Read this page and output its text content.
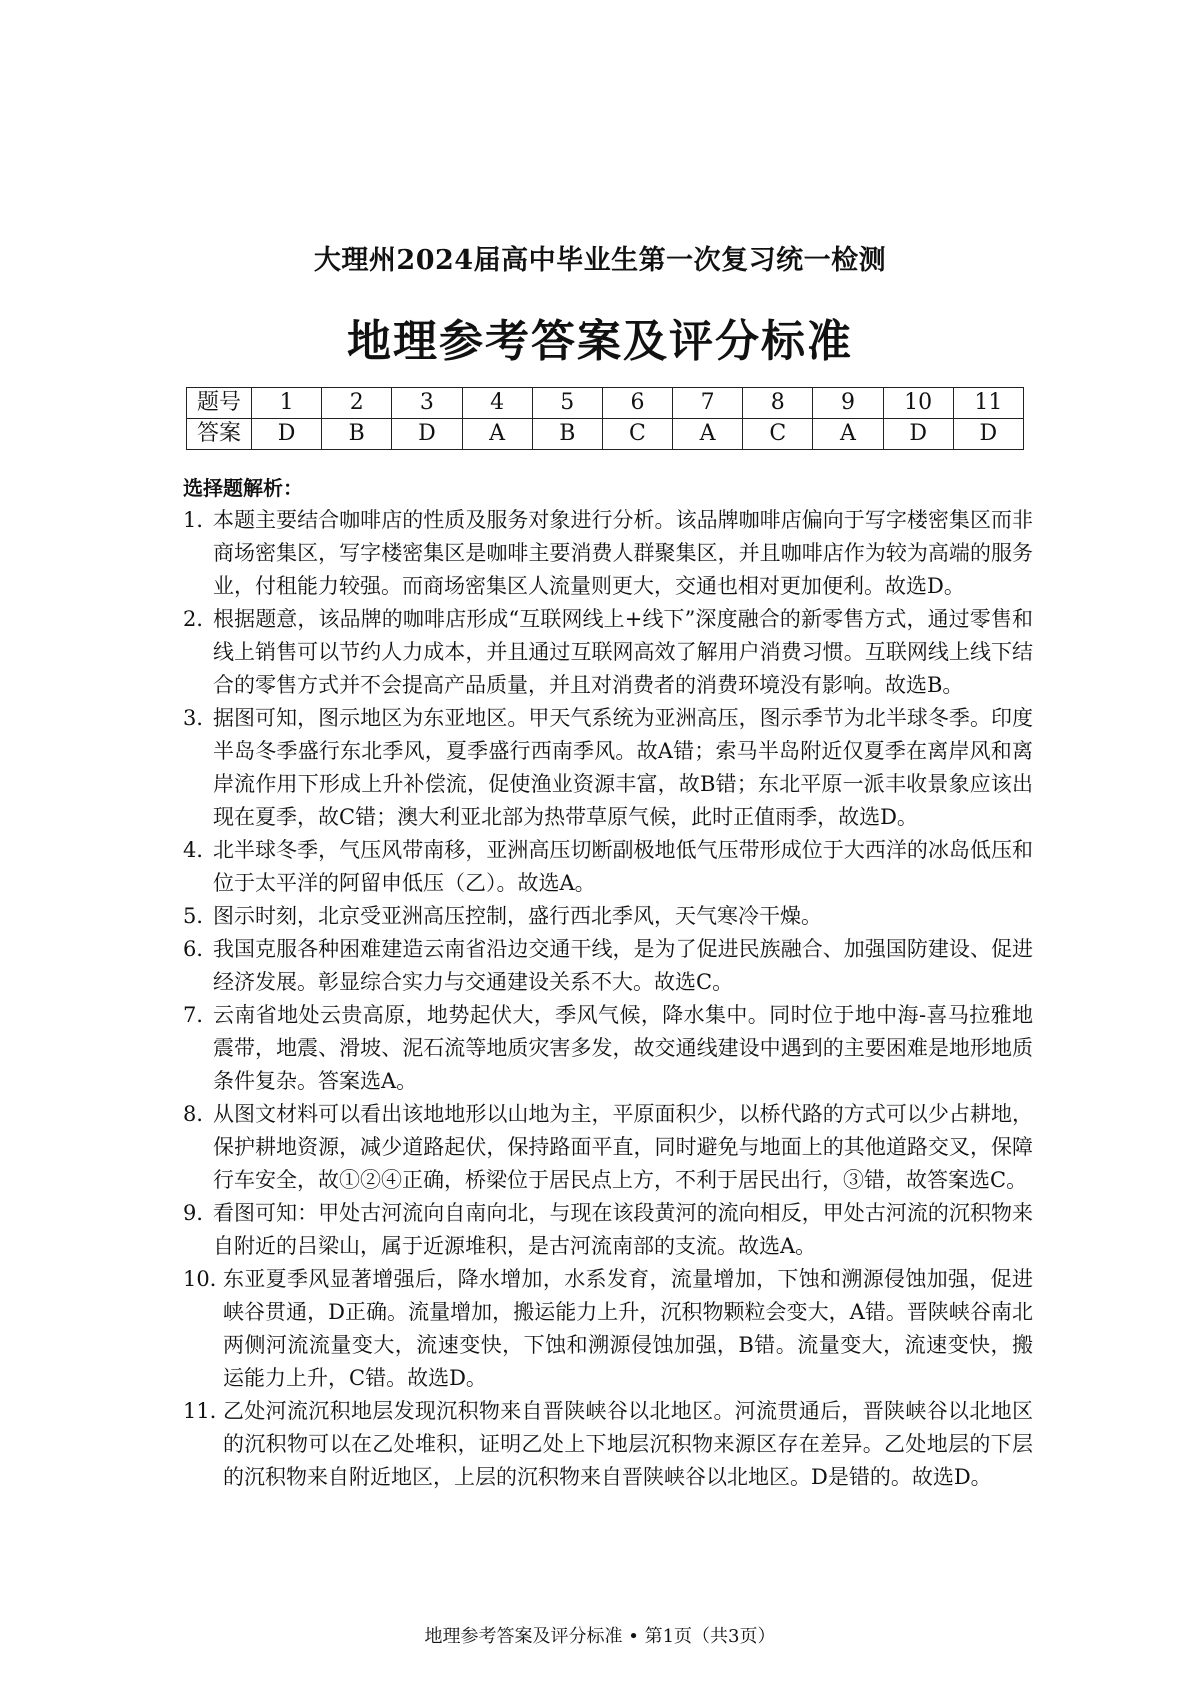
大理州2024届高中毕业生第一次复习统一检测
地理参考答案及评分标准
题号	1	2	3	4	5	6	7	8	9	10	11
答案	D	B	D	A	B	C	A	C	A	D	D
选择题解析：
1．
本题主要结合咖啡店的性质及服务对象进行分析。该品牌咖啡店偏向于写字楼密集区而非商场密集区，写字楼密集区是咖啡主要消费人群聚集区，并且咖啡店作为较为高端的服务业，付租能力较强。而商场密集区人流量则更大，交通也相对更加便利。故选D。
2．
根据题意，该品牌的咖啡店形成“互联网线上+线下”深度融合的新零售方式，通过零售和线上销售可以节约人力成本，并且通过互联网高效了解用户消费习惯。互联网线上线下结合的零售方式并不会提高产品质量，并且对消费者的消费环境没有影响。故选B。
3．
据图可知，图示地区为东亚地区。甲天气系统为亚洲高压，图示季节为北半球冬季。印度半岛冬季盛行东北季风，夏季盛行西南季风。故A错；索马半岛附近仅夏季在离岸风和离岸流作用下形成上升补偿流，促使渔业资源丰富，故B错；东北平原一派丰收景象应该出现在夏季，故C错；澳大利亚北部为热带草原气候，此时正值雨季，故选D。
4．
北半球冬季，气压风带南移，亚洲高压切断副极地低气压带形成位于大西洋的冰岛低压和位于太平洋的阿留申低压（乙）。故选A。
5．
图示时刻，北京受亚洲高压控制，盛行西北季风，天气寒冷干燥。
6．
我国克服各种困难建造云南省沿边交通干线，是为了促进民族融合、加强国防建设、促进经济发展。彰显综合实力与交通建设关系不大。故选C。
7．
云南省地处云贵高原，地势起伏大，季风气候，降水集中。同时位于地中海-喜马拉雅地震带，地震、滑坡、泥石流等地质灾害多发，故交通线建设中遇到的主要困难是地形地质条件复杂。答案选A。
8．
从图文材料可以看出该地地形以山地为主，平原面积少，以桥代路的方式可以少占耕地，保护耕地资源，减少道路起伏，保持路面平直，同时避免与地面上的其他道路交叉，保障行车安全，故①②④正确，桥梁位于居民点上方，不利于居民出行，③错，故答案选C。
9．
看图可知：甲处古河流向自南向北，与现在该段黄河的流向相反，甲处古河流的沉积物来自附近的吕梁山，属于近源堆积，是古河流南部的支流。故选A。
10．
东亚夏季风显著增强后，降水增加，水系发育，流量增加，下蚀和溯源侵蚀加强，促进峡谷贯通，D正确。流量增加，搬运能力上升，沉积物颗粒会变大，A错。晋陕峡谷南北两侧河流流量变大，流速变快，下蚀和溯源侵蚀加强，B错。流量变大，流速变快，搬运能力上升，C错。故选D。
11．
乙处河流沉积地层发现沉积物来自晋陕峡谷以北地区。河流贯通后，晋陕峡谷以北地区的沉积物可以在乙处堆积，证明乙处上下地层沉积物来源区存在差异。乙处地层的下层的沉积物来自附近地区，上层的沉积物来自晋陕峡谷以北地区。D是错的。故选D。
地理参考答案及评分标准 • 第1页（共3页）
